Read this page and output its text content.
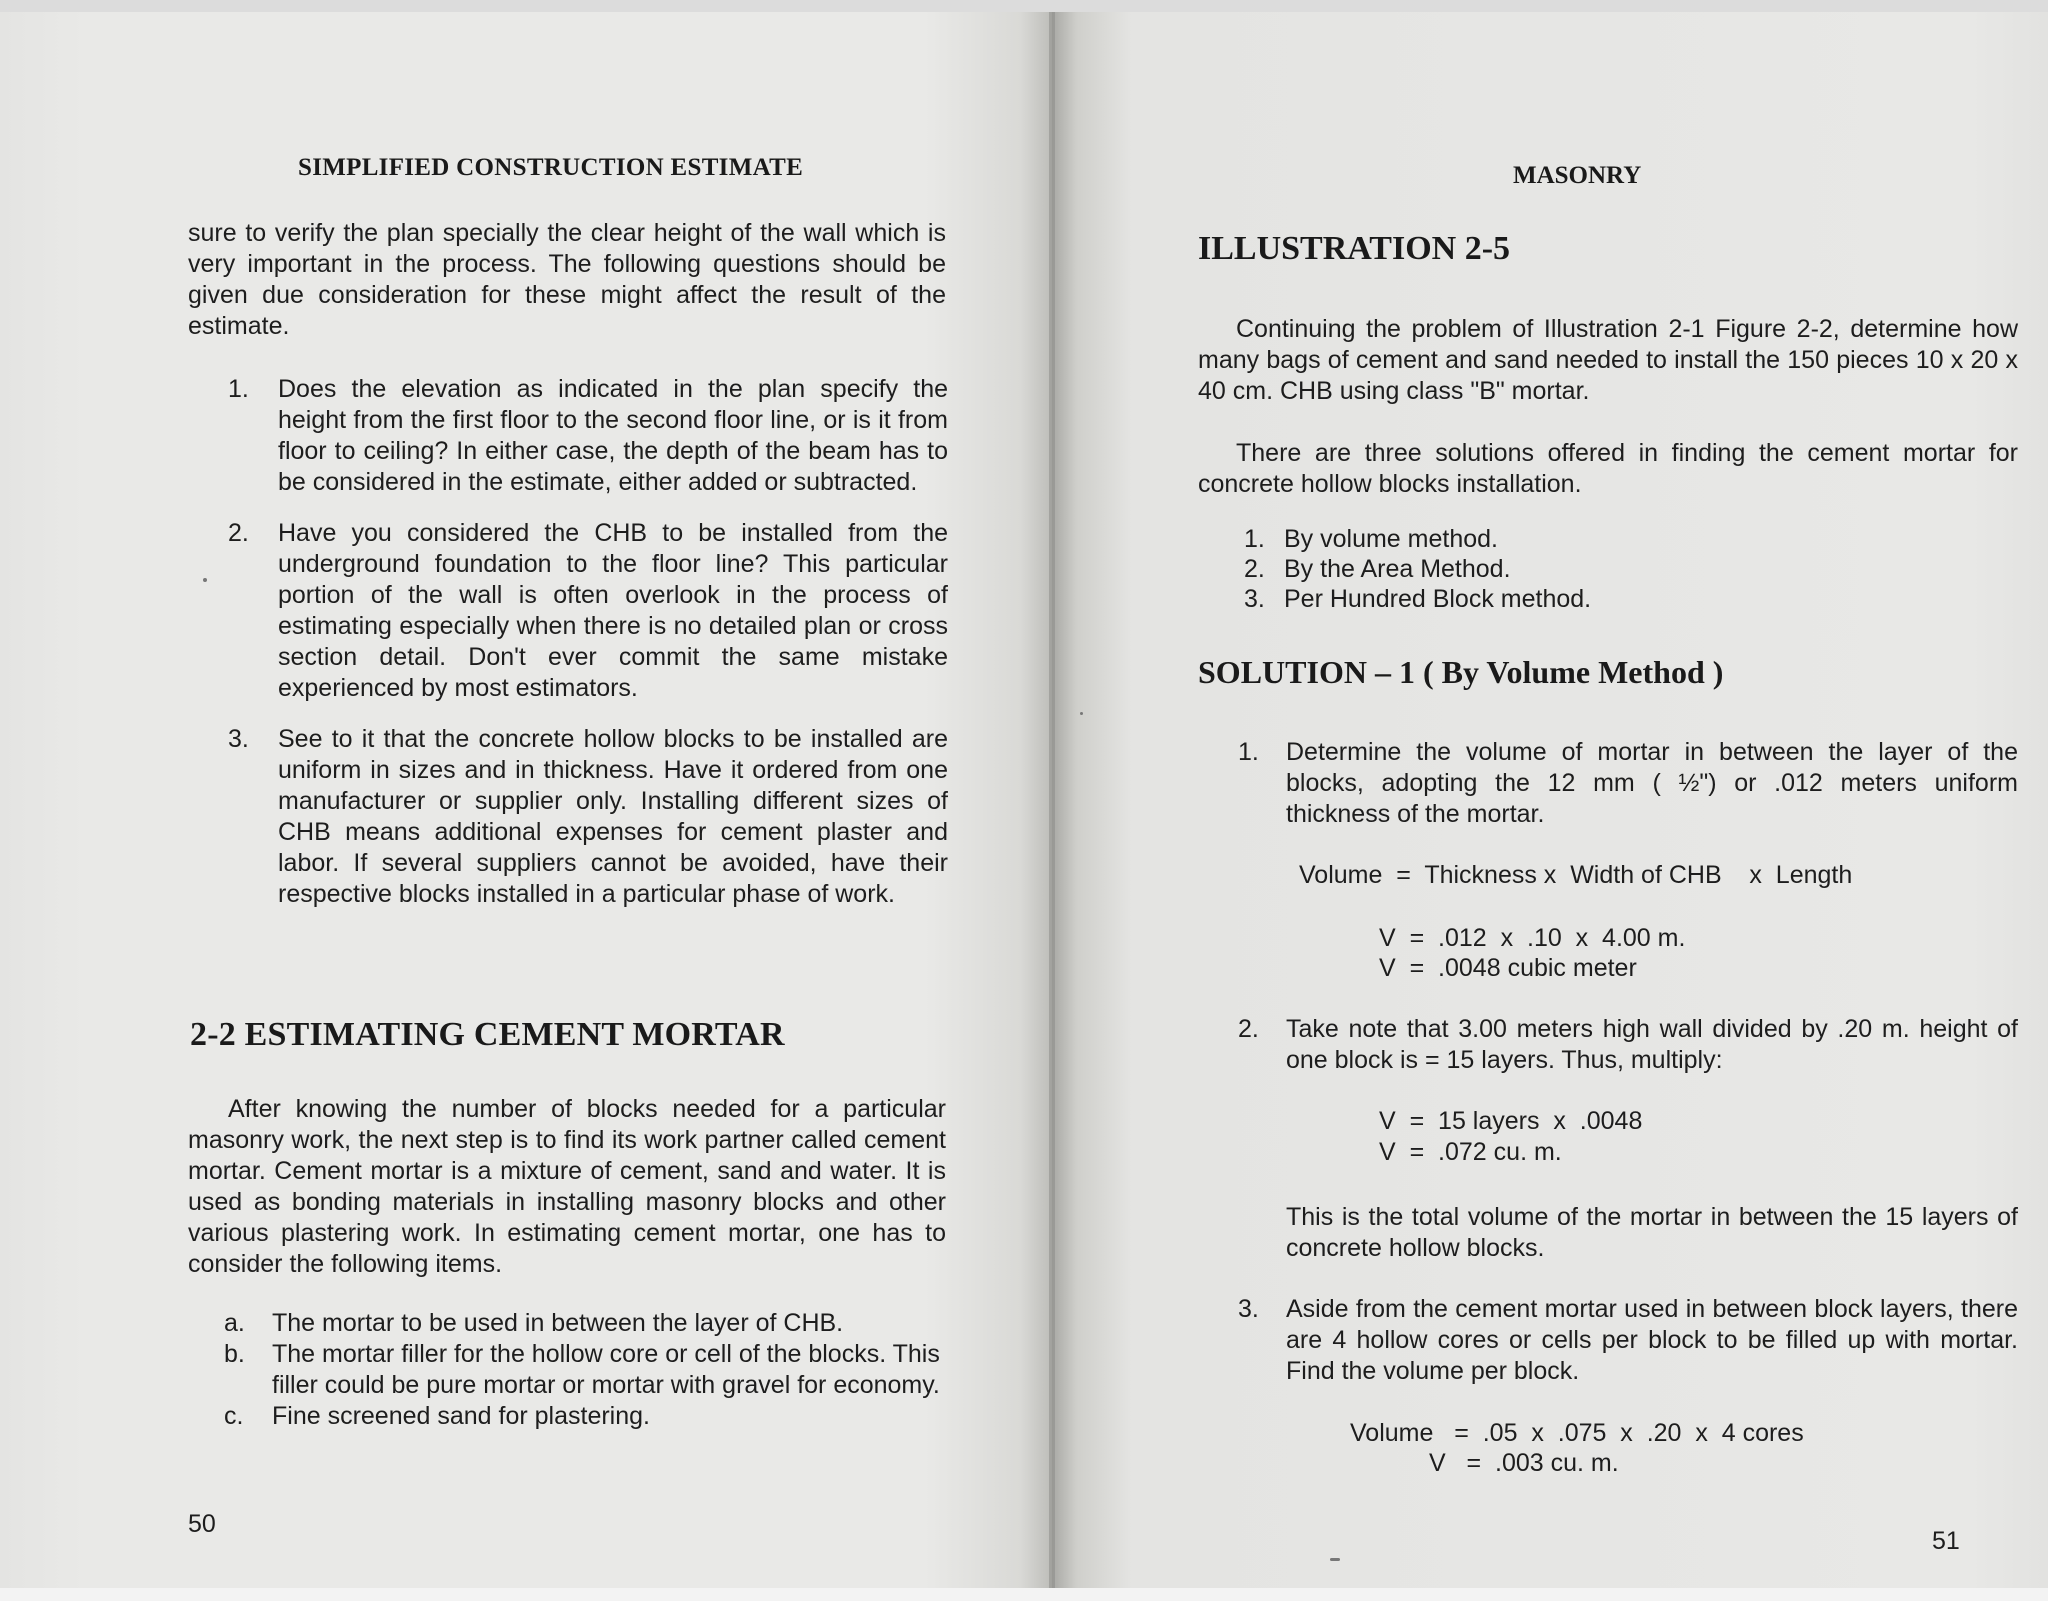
SIMPLIFIED CONSTRUCTION ESTIMATE

sure to verify the plan specially the clear height of the wall which is very important in the process. The following questions should be given due consideration for these might affect the result of the estimate.

1. Does the elevation as indicated in the plan specify the height from the first floor to the second floor line, or is it from floor to ceiling? In either case, the depth of the beam has to be considered in the estimate, either added or subtracted.
2. Have you considered the CHB to be installed from the underground foundation to the floor line? This particular portion of the wall is often overlook in the process of estimating especially when there is no detailed plan or cross section detail. Don't ever commit the same mistake experienced by most estimators.
3. See to it that the concrete hollow blocks to be installed are uniform in sizes and in thickness. Have it ordered from one manufacturer or supplier only. Installing different sizes of CHB means additional expenses for cement plaster and labor. If several suppliers cannot be avoided, have their respective blocks installed in a particular phase of work.
2-2 ESTIMATING CEMENT MORTAR

After knowing the number of blocks needed for a particular masonry work, the next step is to find its work partner called cement mortar. Cement mortar is a mixture of cement, sand and water. It is used as bonding materials in installing masonry blocks and other various plastering work. In estimating cement mortar, one has to consider the following items.

a. The mortar to be used in between the layer of CHB.
b. The mortar filler for the hollow core or cell of the blocks. This filler could be pure mortar or mortar with gravel for economy.
c. Fine screened sand for plastering.

50

MASONRY

ILLUSTRATION 2-5

Continuing the problem of Illustration 2-1 Figure 2-2, determine how many bags of cement and sand needed to install the 150 pieces 10 x 20 x 40 cm. CHB using class "B" mortar.

There are three solutions offered in finding the cement mortar for concrete hollow blocks installation.

1. By volume method.
2. By the Area Method.
3. Per Hundred Block method.
SOLUTION – 1 ( By Volume Method )
1. Determine the volume of mortar in between the layer of the blocks, adopting the 12 mm ( ½") or .012 meters uniform thickness of the mortar.

Volume  =  Thickness x  Width of CHB    x  Length

V  =  .012  x  .10  x  4.00 m.

V  =  .0048 cubic meter

2. Take note that 3.00 meters high wall divided by .20 m. height of one block is = 15 layers. Thus, multiply:

V  =  15 layers  x  .0048

V  =  .072 cu. m.

This is the total volume of the mortar in between the 15 layers of concrete hollow blocks.

3. Aside from the cement mortar used in between block layers, there are 4 hollow cores or cells per block to be filled up with mortar. Find the volume per block.

Volume   =  .05  x  .075  x  .20  x  4 cores

V   =  .003 cu. m.

51
